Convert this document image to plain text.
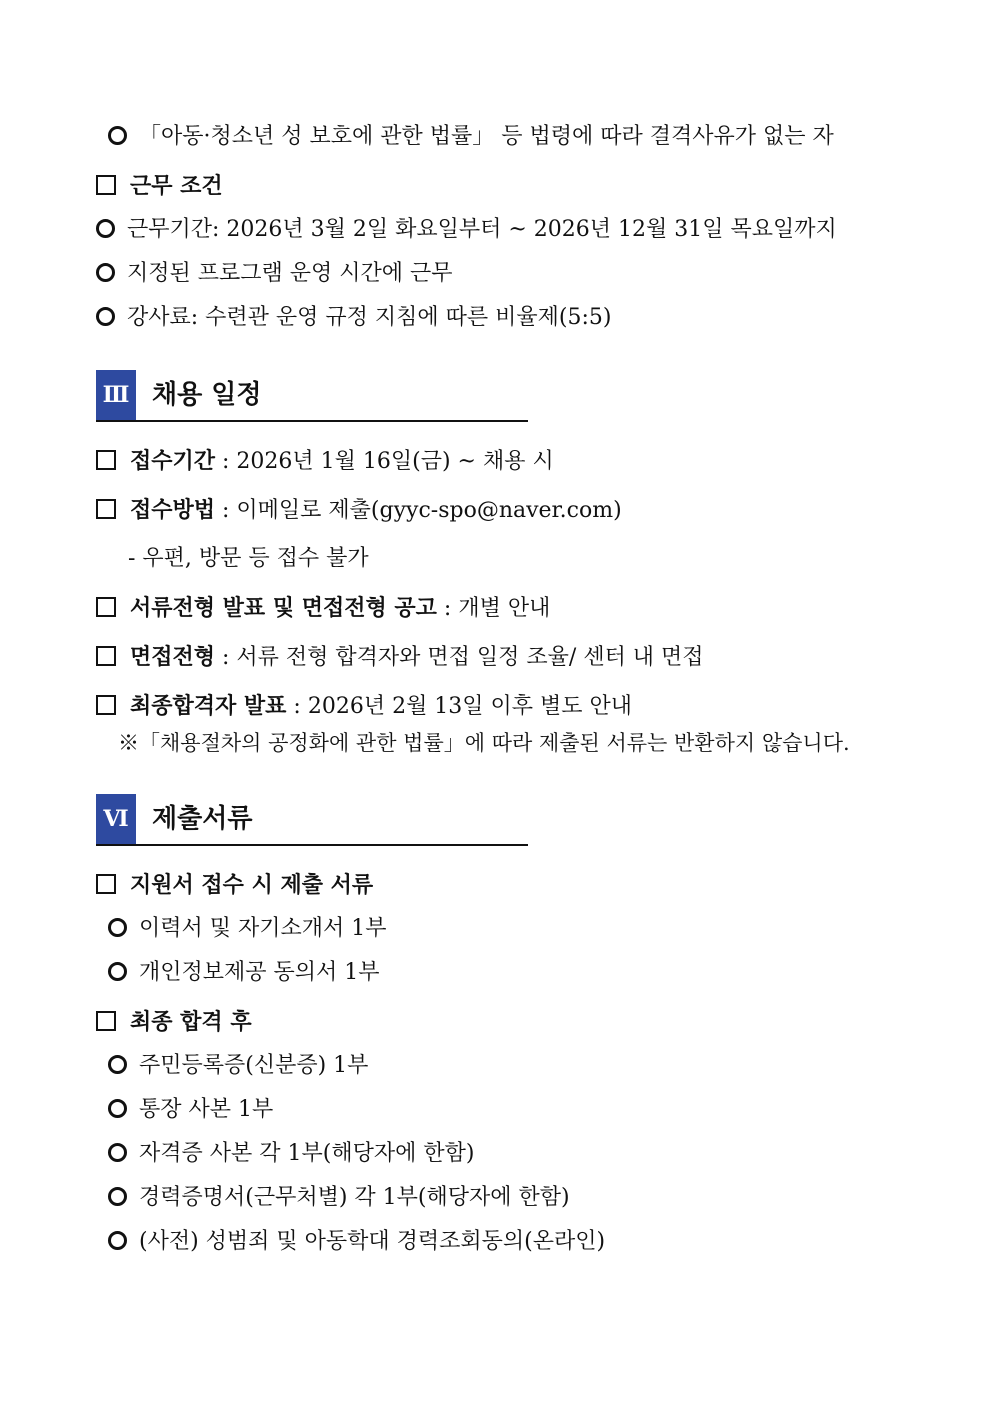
「아동·청소년 성 보호에 관한 법률」 등 법령에 따라 결격사유가 없는 자
근무 조건
근무기간: 2026년 3월 2일 화요일부터 ~ 2026년 12월 31일 목요일까지
지정된 프로그램 운영 시간에 근무
강사료: 수련관 운영 규정 지침에 따른 비율제(5:5)
Ⅲ 채용 일정
접수기간 : 2026년 1월 16일(금) ~ 채용 시
접수방법 : 이메일로 제출(gyyc-spo@naver.com)
- 우편, 방문 등 접수 불가
서류전형 발표 및 면접전형 공고 : 개별 안내
면접전형 : 서류 전형 합격자와 면접 일정 조율/ 센터 내 면접
최종합격자 발표 : 2026년 2월 13일 이후 별도 안내
※「채용절차의 공정화에 관한 법률」에 따라 제출된 서류는 반환하지 않습니다.
Ⅵ 제출서류
지원서 접수 시 제출 서류
이력서 및 자기소개서 1부
개인정보제공 동의서 1부
최종 합격 후
주민등록증(신분증) 1부
통장 사본 1부
자격증 사본 각 1부(해당자에 한함)
경력증명서(근무처별) 각 1부(해당자에 한함)
(사전) 성범죄 및 아동학대 경력조회동의(온라인)
